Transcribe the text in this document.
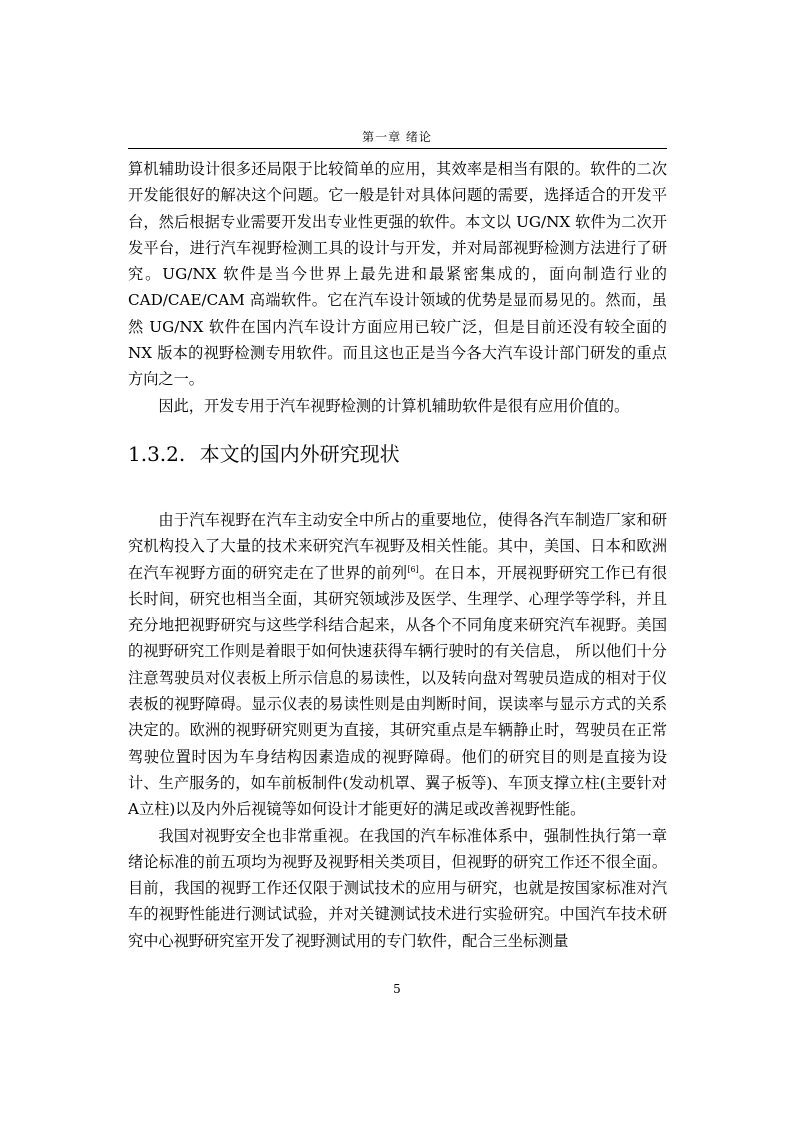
第一章 绪论

算机辅助设计很多还局限于比较简单的应用，其效率是相当有限的。软件的二次开发能很好的解决这个问题。它一般是针对具体问题的需要，选择适合的开发平台，然后根据专业需要开发出专业性更强的软件。本文以 UG/NX 软件为二次开发平台，进行汽车视野检测工具的设计与开发，并对局部视野检测方法进行了研究。UG/NX 软件是当今世界上最先进和最紧密集成的，面向制造行业的 CAD/CAE/CAM 高端软件。它在汽车设计领域的优势是显而易见的。然而，虽然 UG/NX 软件在国内汽车设计方面应用已较广泛，但是目前还没有较全面的 NX 版本的视野检测专用软件。而且这也正是当今各大汽车设计部门研发的重点方向之一。

因此，开发专用于汽车视野检测的计算机辅助软件是很有应用价值的。

1.3.2. 本文的国内外研究现状

由于汽车视野在汽车主动安全中所占的重要地位，使得各汽车制造厂家和研究机构投入了大量的技术来研究汽车视野及相关性能。其中，美国、日本和欧洲在汽车视野方面的研究走在了世界的前列[6]。在日本，开展视野研究工作已有很长时间，研究也相当全面，其研究领域涉及医学、生理学、心理学等学科，并且充分地把视野研究与这些学科结合起来，从各个不同角度来研究汽车视野。美国的视野研究工作则是着眼于如何快速获得车辆行驶时的有关信息， 所以他们十分注意驾驶员对仪表板上所示信息的易读性，以及转向盘对驾驶员造成的相对于仪表板的视野障碍。显示仪表的易读性则是由判断时间，误读率与显示方式的关系决定的。欧洲的视野研究则更为直接，其研究重点是车辆静止时，驾驶员在正常驾驶位置时因为车身结构因素造成的视野障碍。他们的研究目的则是直接为设计、生产服务的，如车前板制件(发动机罩、翼子板等)、车顶支撑立柱(主要针对A立柱)以及内外后视镜等如何设计才能更好的满足或改善视野性能。

我国对视野安全也非常重视。在我国的汽车标准体系中，强制性执行第一章绪论标准的前五项均为视野及视野相关类项目，但视野的研究工作还不很全面。目前，我国的视野工作还仅限于测试技术的应用与研究，也就是按国家标准对汽车的视野性能进行测试试验，并对关键测试技术进行实验研究。中国汽车技术研究中心视野研究室开发了视野测试用的专门软件，配合三坐标测量

5
